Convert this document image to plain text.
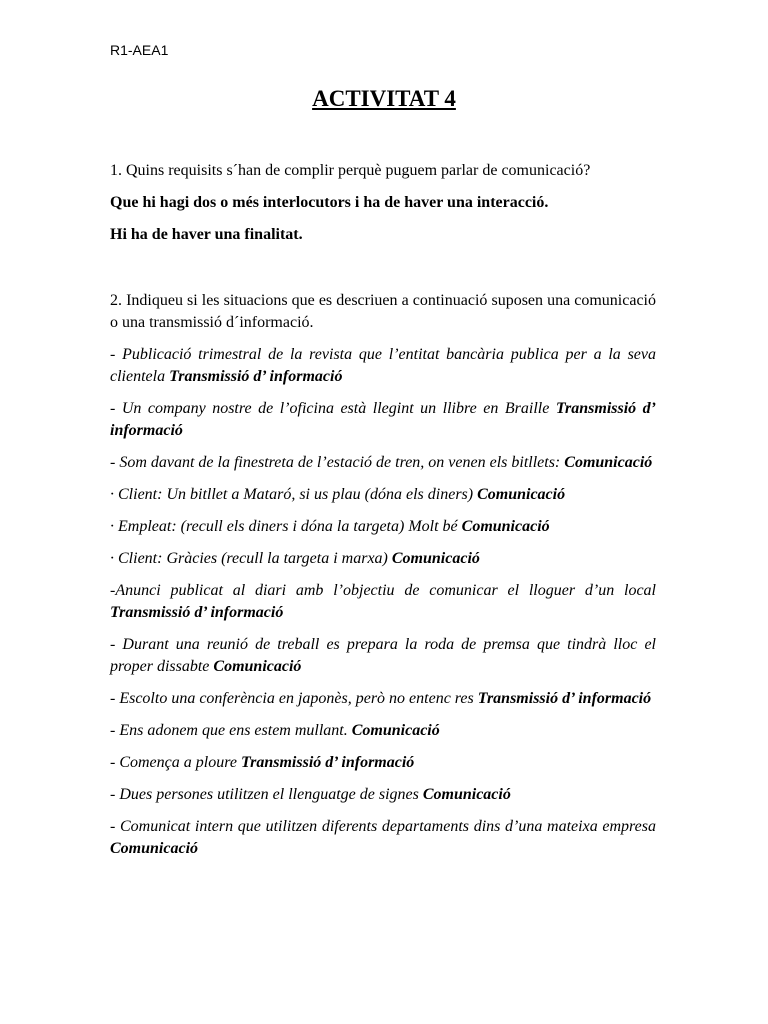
R1-AEA1
ACTIVITAT 4

1. Quins requisits s´han de complir perquè puguem parlar de comunicació?

Que hi hagi dos o més interlocutors i ha de haver una interacció.

Hi ha de haver una finalitat.

2. Indiqueu si les situacions que es descriuen a continuació suposen una comunicació o una transmissió d´informació.

- Publicació trimestral de la revista que l’entitat bancària publica per a la seva clientela Transmissió d’ informació

- Un company nostre de l’oficina està llegint un llibre en Braille Transmissió d’ informació

- Som davant de la finestreta de l’estació de tren, on venen els bitllets: Comunicació

· Client: Un bitllet a Mataró, si us plau (dóna els diners) Comunicació

· Empleat: (recull els diners i dóna la targeta) Molt bé Comunicació

· Client: Gràcies (recull la targeta i marxa) Comunicació

-Anunci publicat al diari amb l’objectiu de comunicar el lloguer d’un local Transmissió d’ informació

- Durant una reunió de treball es prepara la roda de premsa que tindrà lloc el proper dissabte Comunicació

- Escolto una conferència en japonès, però no entenc res Transmissió d’ informació

- Ens adonem que ens estem mullant. Comunicació

- Comença a ploure Transmissió d’ informació

- Dues persones utilitzen el llenguatge de signes Comunicació

- Comunicat intern que utilitzen diferents departaments dins d’una mateixa empresa Comunicació
